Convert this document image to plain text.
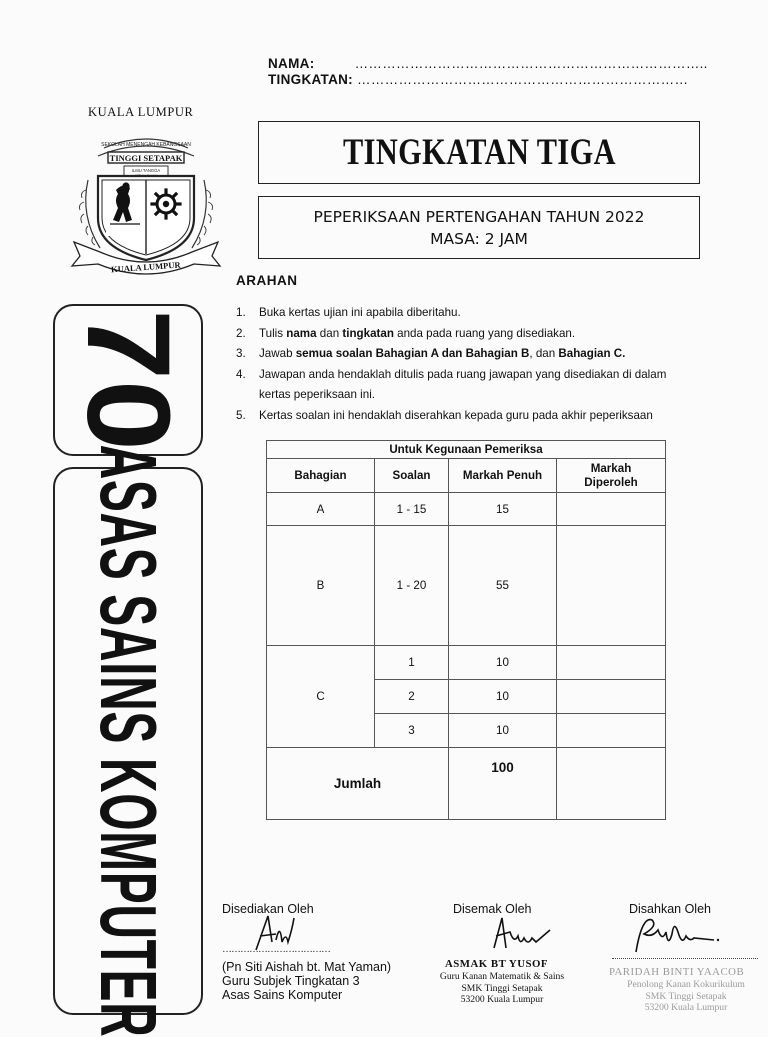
NAMA:	…………………………………………………………………..
TINGKATAN: ………………………………………………………………
KUALA LUMPUR
SEKOLAH MENENGAH KEBANGSAAN
TINGGI SETAPAK
ILMU TANGGA
KUALA LUMPUR
TINGKATAN TIGA
PEPERIKSAAN PERTENGAHAN TAHUN 2022
MASA: 2 JAM
70
ASAS SAINS KOMPUTER
ARAHAN
1. Buka kertas ujian ini apabila diberitahu.
2. Tulis nama dan tingkatan anda pada ruang yang disediakan.
3. Jawab semua soalan Bahagian A dan Bahagian B, dan Bahagian C.
4. Jawapan anda hendaklah ditulis pada ruang jawapan yang disediakan di dalam
kertas peperiksaan ini.
5. Kertas soalan ini hendaklah diserahkan kepada guru pada akhir peperiksaan
Untuk Kegunaan Pemeriksa			
Bahagian	Soalan	Markah Penuh	Markah Diperoleh
A	1 - 15	15	
B	1 - 20	55	
C	1	10	
	2	10	
	3	10	
Jumlah		100	
Disediakan Oleh
………………………………
(Pn Siti Aishah bt. Mat Yaman)
Guru Subjek Tingkatan 3
Asas Sains Komputer
Disemak Oleh
ASMAK BT YUSOF
Guru Kanan Matematik & Sains
SMK Tinggi Setapak
53200 Kuala Lumpur
Disahkan Oleh
PARIDAH BINTI YAACOB
Penolong Kanan Kokurikulum
SMK Tinggi Setapak
53200 Kuala Lumpur
